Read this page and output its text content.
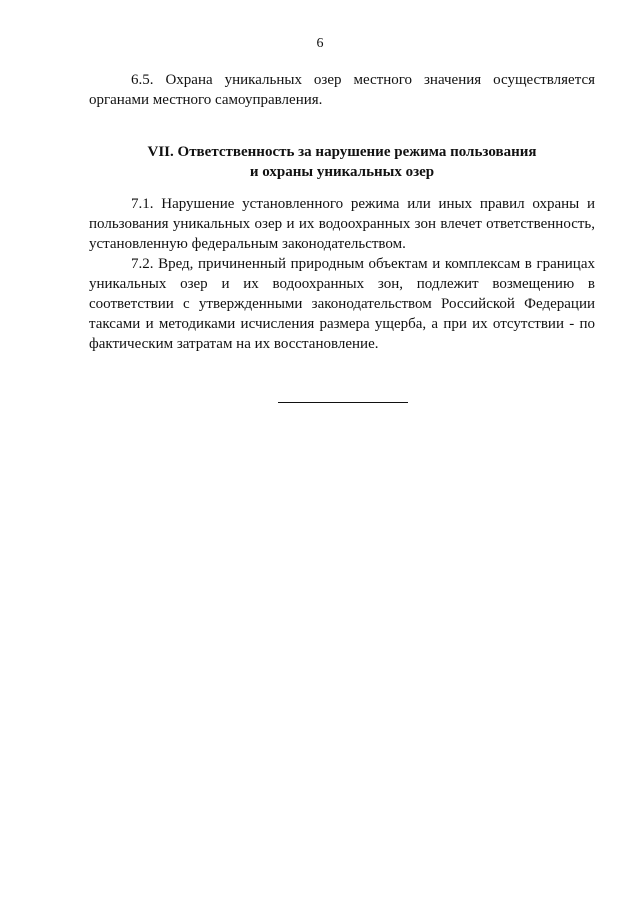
6

6.5. Охрана уникальных озер местного значения осуществляется органами местного самоуправления.

VII. Ответственность за нарушение режима пользования
и охраны уникальных озер

7.1. Нарушение установленного режима или иных правил охраны и пользования уникальных озер и их водоохранных зон влечет ответственность, установленную федеральным законодательством.

7.2. Вред, причиненный природным объектам и комплексам в границах уникальных озер и их водоохранных зон, подлежит возмещению в соответствии с утвержденными законодательством Российской Федерации таксами и методиками исчисления размера ущерба, а при их отсутствии - по фактическим затратам на их восстановление.
